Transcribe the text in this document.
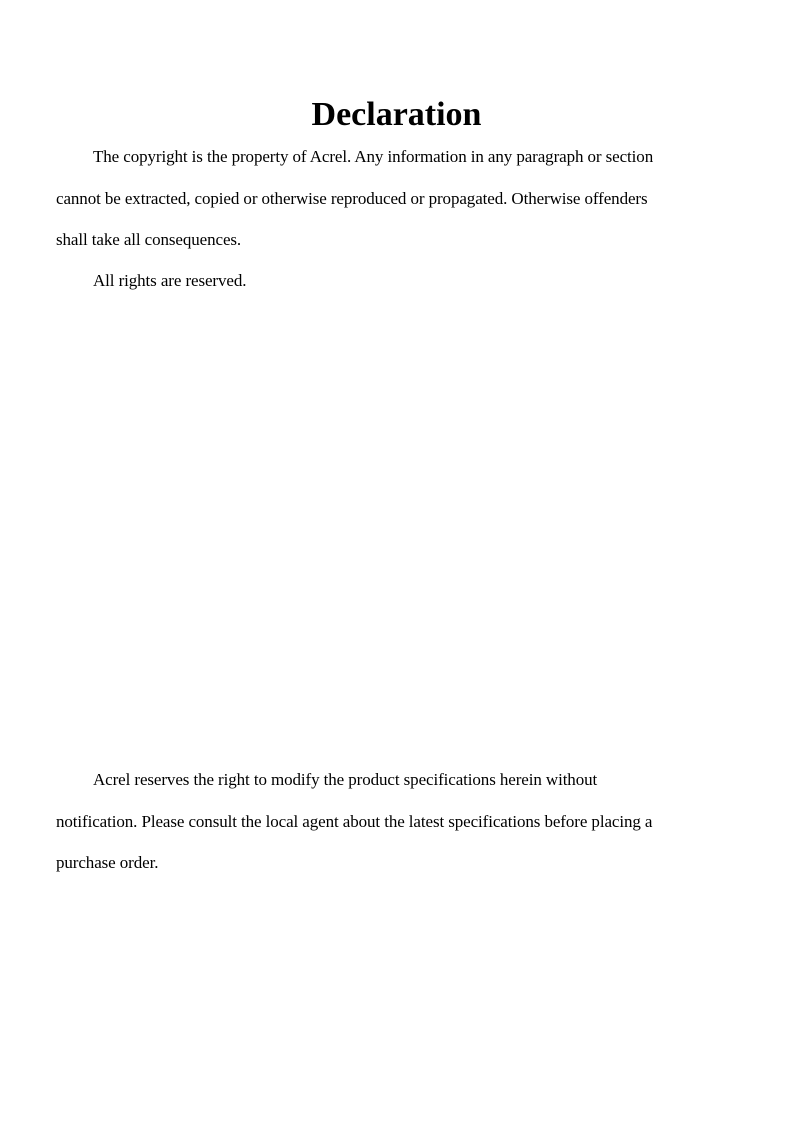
Declaration

The copyright is the property of Acrel. Any information in any paragraph or section
cannot be extracted, copied or otherwise reproduced or propagated. Otherwise offenders
shall take all consequences.

All rights are reserved.

Acrel reserves the right to modify the product specifications herein without
notification. Please consult the local agent about the latest specifications before placing a
purchase order.
